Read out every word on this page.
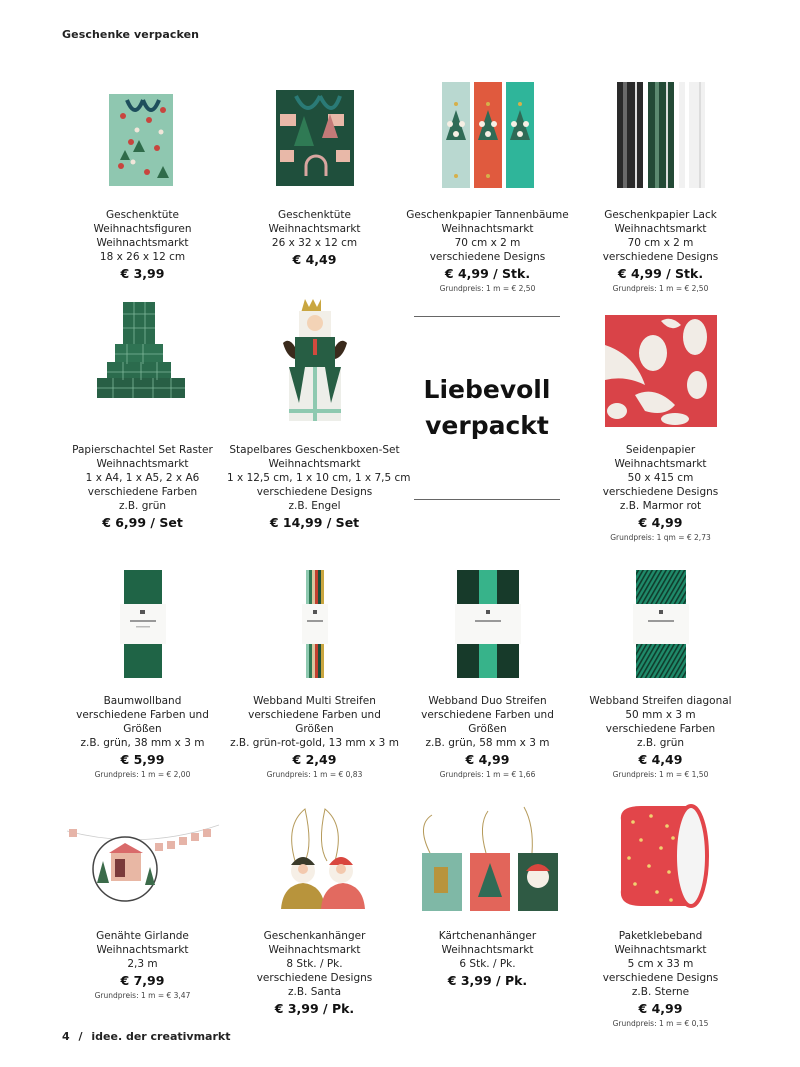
Geschenke verpacken
Geschenktüte
Weihnachtsfiguren
Weihnachtsmarkt
18 x 26 x 12 cm
€ 3,99
Geschenktüte
Weihnachtsmarkt
26 x 32 x 12 cm
€ 4,49
Geschenkpapier Tannenbäume
Weihnachtsmarkt
70 cm x 2 m
verschiedene Designs
€ 4,99 / Stk.
Grundpreis: 1 m = € 2,50
Geschenkpapier Lack
Weihnachtsmarkt
70 cm x 2 m
verschiedene Designs
€ 4,99 / Stk.
Grundpreis: 1 m = € 2,50
Papierschachtel Set Raster
Weihnachtsmarkt
1 x A4, 1 x A5, 2 x A6
verschiedene Farben
z.B. grün
€ 6,99 / Set
Stapelbares Geschenkboxen-Set
Weihnachtsmarkt
1 x 12,5 cm, 1 x 10 cm, 1 x 7,5 cm
verschiedene Designs
z.B. Engel
€ 14,99 / Set
Liebevoll
verpackt
Seidenpapier
Weihnachtsmarkt
50 x 415 cm
verschiedene Designs
z.B. Marmor rot
€ 4,99
Grundpreis: 1 qm = € 2,73
Baumwollband
verschiedene Farben und
Größen
z.B. grün, 38 mm x 3 m
€ 5,99
Grundpreis: 1 m = € 2,00
Webband Multi Streifen
verschiedene Farben und
Größen
z.B. grün-rot-gold, 13 mm x 3 m
€ 2,49
Grundpreis: 1 m = € 0,83
Webband Duo Streifen
verschiedene Farben und
Größen
z.B. grün, 58 mm x 3 m
€ 4,99
Grundpreis: 1 m = € 1,66
Webband Streifen diagonal
50 mm x 3 m
verschiedene Farben
z.B. grün
€ 4,49
Grundpreis: 1 m = € 1,50
Genähte Girlande
Weihnachtsmarkt
2,3 m
€ 7,99
Grundpreis: 1 m = € 3,47
Geschenkanhänger
Weihnachtsmarkt
8 Stk. / Pk.
verschiedene Designs
z.B. Santa
€ 3,99 / Pk.
Kärtchenanhänger
Weihnachtsmarkt
6 Stk. / Pk.
€ 3,99 / Pk.
Paketklebeband
Weihnachtsmarkt
5 cm x 33 m
verschiedene Designs
z.B. Sterne
€ 4,99
Grundpreis: 1 m = € 0,15
4 / idee. der creativmarkt
